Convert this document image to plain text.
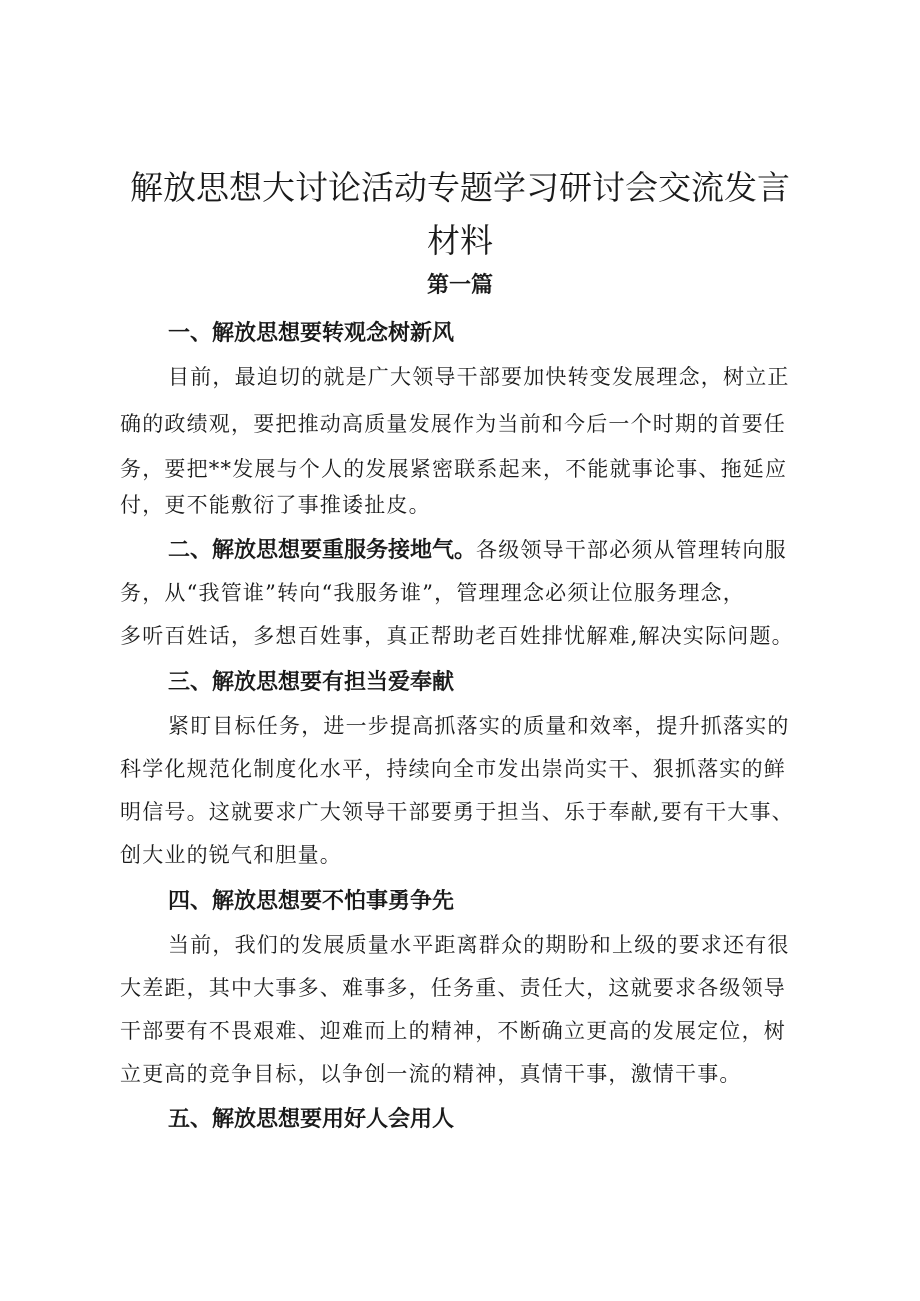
解放思想大讨论活动专题学习研讨会交流发言
材料
第一篇
一、解放思想要转观念树新风

目前，最迫切的就是广大领导干部要加快转变发展理念，树立正

确的政绩观，要把推动高质量发展作为当前和今后一个时期的首要任

务，要把**发展与个人的发展紧密联系起来，不能就事论事、拖延应

付，更不能敷衍了事推诿扯皮。

二、解放思想要重服务接地气。各级领导干部必须从管理转向服

务，从“我管谁”转向“我服务谁”，管理理念必须让位服务理念，

多听百姓话，多想百姓事，真正帮助老百姓排忧解难,解决实际问题。

三、解放思想要有担当爱奉献

紧盯目标任务，进一步提高抓落实的质量和效率，提升抓落实的

科学化规范化制度化水平，持续向全市发出崇尚实干、狠抓落实的鲜

明信号。这就要求广大领导干部要勇于担当、乐于奉献,要有干大事、

创大业的锐气和胆量。

四、解放思想要不怕事勇争先

当前，我们的发展质量水平距离群众的期盼和上级的要求还有很

大差距，其中大事多、难事多，任务重、责任大，这就要求各级领导

干部要有不畏艰难、迎难而上的精神，不断确立更高的发展定位，树

立更高的竞争目标，以争创一流的精神，真情干事，激情干事。

五、解放思想要用好人会用人
